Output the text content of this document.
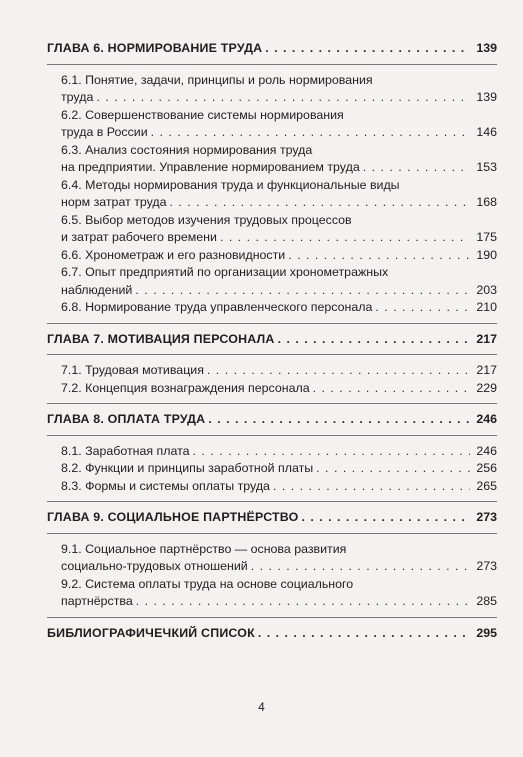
ГЛАВА 6. НОРМИРОВАНИЕ ТРУДА . . .	139
6.1. Понятие, задачи, принципы и роль нормирования
труда . . .	139
6.2. Совершенствование системы нормирования
труда в России . . .	146
6.3. Анализ состояния нормирования труда
на предприятии. Управление нормированием труда . . .	153
6.4. Методы нормирования труда и функциональные виды
норм затрат труда . . .	168
6.5. Выбор методов изучения трудовых процессов
и затрат рабочего времени . . .	175
6.6. Хронометраж и его разновидности . . .	190
6.7. Опыт предприятий по организации хронометражных
наблюдений . . .	203
6.8. Нормирование труда управленческого персонала . . .	210
ГЛАВА 7. МОТИВАЦИЯ ПЕРСОНАЛА . . .	217
7.1. Трудовая мотивация . . .	217
7.2. Концепция вознаграждения персонала . . .	229
ГЛАВА 8. ОПЛАТА ТРУДА . . .	246
8.1. Заработная плата . . .	246
8.2. Функции и принципы заработной платы . . .	256
8.3. Формы и системы оплаты труда . . .	265
ГЛАВА 9. СОЦИАЛЬНОЕ ПАРТНЁРСТВО . . .	273
9.1. Социальное партнёрство — основа развития
социально-трудовых отношений . . .	273
9.2. Система оплаты труда на основе социального
партнёрства . . .	285
БИБЛИОГРАФИЧЕЧКИЙ СПИСОК . . .	295
4
